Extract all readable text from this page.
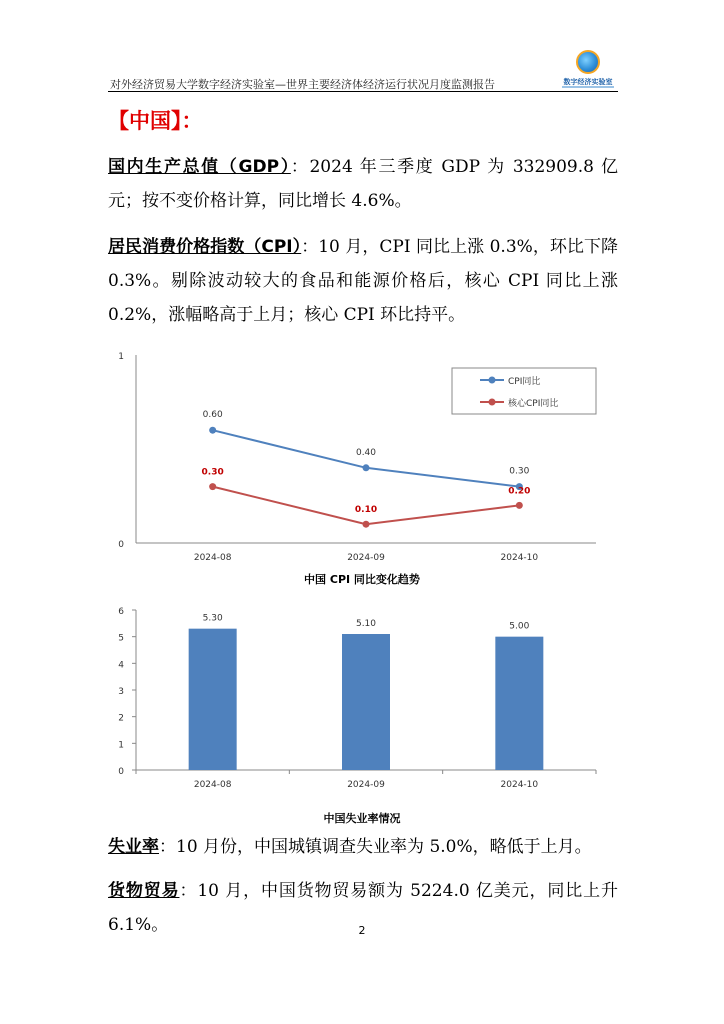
对外经济贸易大学数字经济实验室—世界主要经济体经济运行状况月度监测报告	数字经济实验室
【中国】：
国内生产总值（GDP）：2024 年三季度 GDP 为 332909.8 亿元；按不变价格计算，同比增长 4.6%。
居民消费价格指数（CPI）：10 月，CPI 同比上涨 0.3%，环比下降 0.3%。剔除波动较大的食品和能源价格后，核心 CPI 同比上涨 0.2%，涨幅略高于上月；核心 CPI 环比持平。
0
1
2024-08	2024-09	2024-10
0.60
0.40
0.30
0.30
0.10
0.20
CPI同比
核心CPI同比
中国 CPI 同比变化趋势
0
1
2
3
4
5
6
2024-08	2024-09	2024-10
5.30
5.10	5.00
中国失业率情况
失业率：10 月份，中国城镇调查失业率为 5.0%，略低于上月。
货物贸易：10 月，中国货物贸易额为 5224.0 亿美元，同比上升 6.1%。	2
